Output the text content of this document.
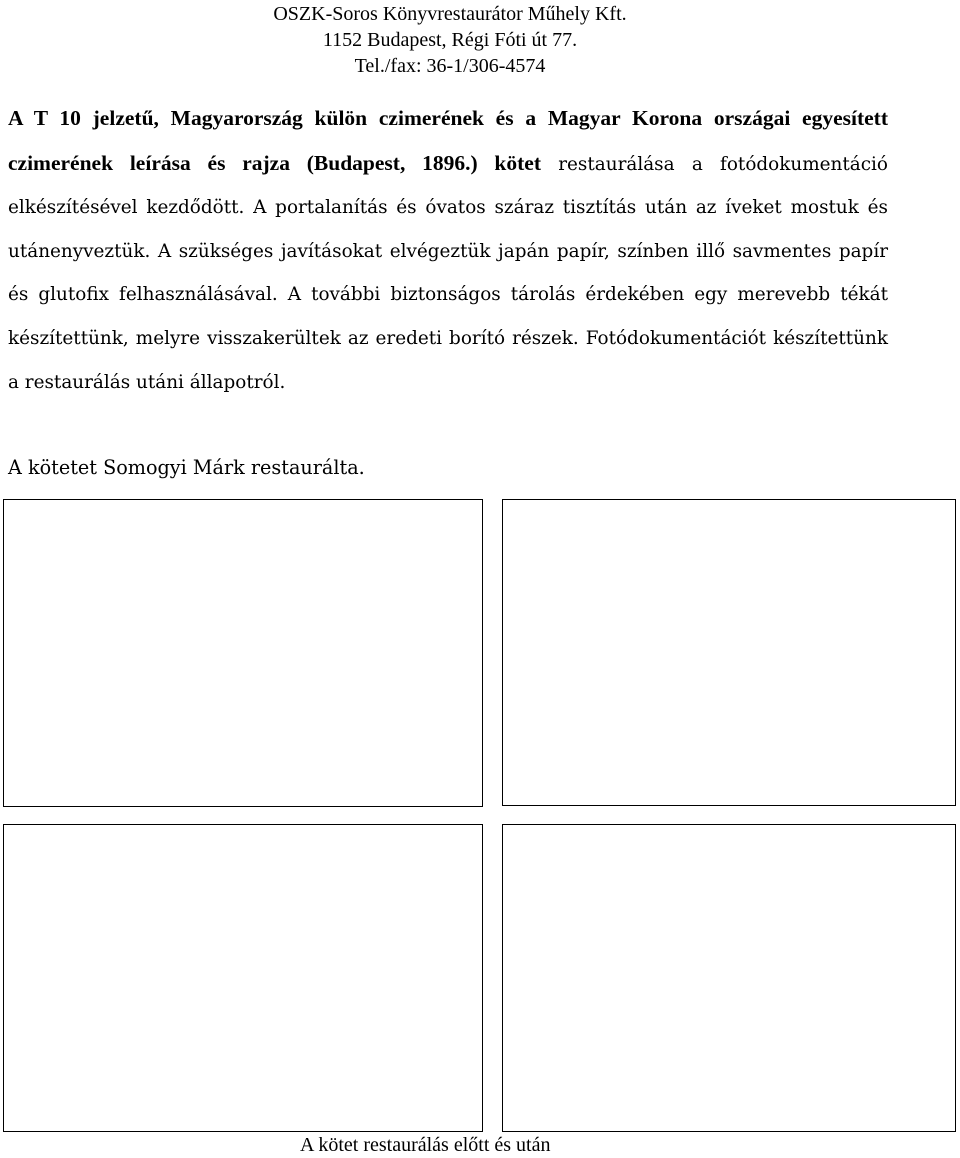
OSZK-Soros Könyvrestaurátor Műhely Kft.
1152 Budapest, Régi Fóti út 77.
Tel./fax: 36-1/306-4574
A T 10 jelzetű, Magyarország külön czimerének és a Magyar Korona országai egyesített czimerének leírása és rajza (Budapest, 1896.) kötet restaurálása a fotódokumentáció elkészítésével kezdődött. A portalanítás és óvatos száraz tisztítás után az íveket mostuk és utánenyveztük. A szükséges javításokat elvégeztük japán papír, színben illő savmentes papír és glutofix felhasználásával. A további biztonságos tárolás érdekében egy merevebb tékát készítettünk, melyre visszakerültek az eredeti borító részek. Fotódokumentációt készítettünk a restaurálás utáni állapotról.
A kötetet Somogyi Márk restaurálta.
A kötet restaurálás előtt és után
